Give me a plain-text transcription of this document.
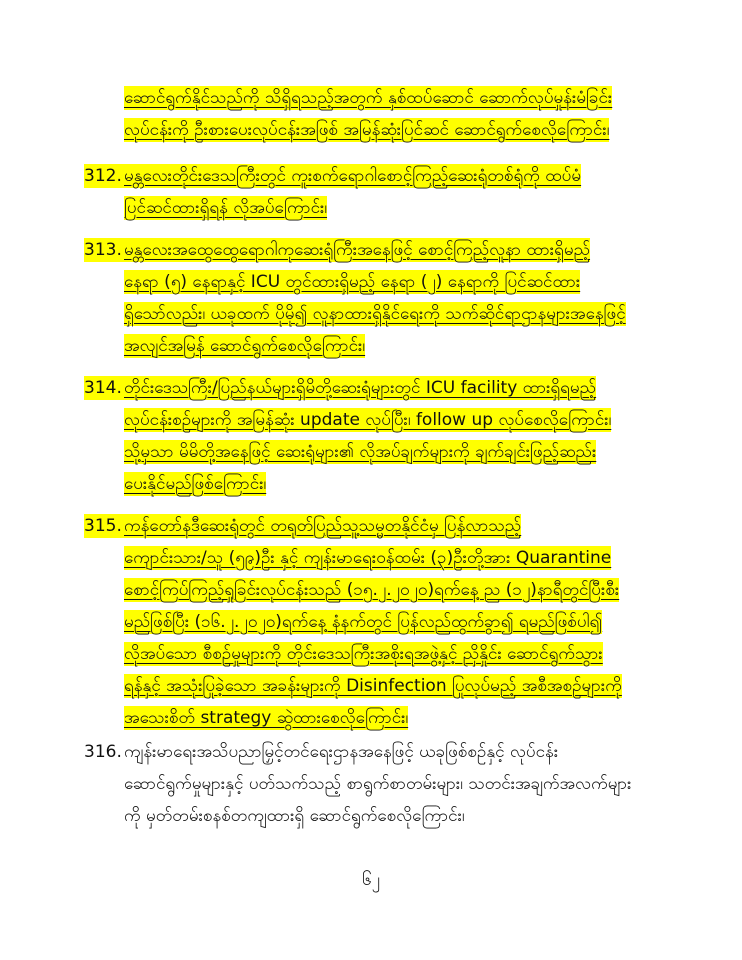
ဆောင်ရွက်နိုင်သည်ကို သိရှိရသည့်အတွက် နှစ်ထပ်ဆောင် ဆောက်လုပ်မှုန်းမံခြင်း
လုပ်ငန်းကို ဦးစားပေးလုပ်ငန်းအဖြစ် အမြန်ဆုံးပြင်ဆင် ဆောင်ရွက်စေလိုကြောင်း၊
312. မန္တလေးတိုင်းဒေသကြီးတွင် ကူးစက်ရောဂါစောင့်ကြည့်ဆေးရုံတစ်ရုံကို ထပ်မံ
ပြင်ဆင်ထားရှိရန် လိုအပ်ကြောင်း၊
313. မန္တလေးအထွေထွေရောဂါကုဆေးရုံကြီးအနေဖြင့် စောင့်ကြည့်လူနာ ထားရှိမည့်
နေရာ (၅) နေရာနှင့် ICU တွင်ထားရှိမည့် နေရာ (၂) နေရာကို ပြင်ဆင်ထား
ရှိသော်လည်း၊ ယခုထက် ပိုမို၍ လူနာထားရှိနိုင်ရေးကို သက်ဆိုင်ရာဌာနများအနေဖြင့်
အလျင်အမြန် ဆောင်ရွက်စေလိုကြောင်း၊
314. တိုင်းဒေသကြီး/ပြည်နယ်များရှိမိတို့ဆေးရုံများတွင် ICU facility ထားရှိရမည့်
လုပ်ငန်းစဉ်များကို အမြန်ဆုံး update လုပ်ပြီး၊ follow up လုပ်စေလိုကြောင်း၊
သို့မှသာ မိမိတို့အနေဖြင့် ဆေးရုံများ၏ လိုအပ်ချက်များကို ချက်ချင်းဖြည့်ဆည်း
ပေးနိုင်မည်ဖြစ်ကြောင်း၊
315. ကန်တော်နဒီဆေးရုံတွင် တရုတ်ပြည်သူ့သမ္မတနိုင်ငံမှ ပြန်လာသည့်
ကျောင်းသား/သူ (၅၉)ဦး နှင့် ကျန်းမာရေးဝန်ထမ်း (၃)ဦးတို့အား Quarantine
စောင့်ကြပ်ကြည့်ရှုခြင်းလုပ်ငန်းသည် (၁၅.၂.၂၀၂၀)ရက်နေ့ ည (၁၂)နာရီတွင်ပြီးစီး
မည်ဖြစ်ပြီး (၁၆.၂.၂၀၂၀)ရက်နေ့ နံနက်တွင် ပြန်လည်ထွက်ခွာ၍ ရမည်ဖြစ်ပါ၍
လိုအပ်သော စီစဉ်မှုများကို တိုင်းဒေသကြီးအစိုးရအဖွဲ့နှင့် ညှိနှိုင်း ဆောင်ရွက်သွား
ရန်နှင့် အသုံးပြုခဲ့သော အခန်းများကို Disinfection ပြုလုပ်မည့် အစီအစဉ်များကို
အသေးစိတ် strategy ဆွဲထားစေလိုကြောင်း၊
316. ကျန်းမာရေးအသိပညာမြှင့်တင်ရေးဌာနအနေဖြင့် ယခုဖြစ်စဉ်နှင့် လုပ်ငန်း
ဆောင်ရွက်မှုများနှင့် ပတ်သက်သည့် စာရွက်စာတမ်းများ၊ သတင်းအချက်အလက်များ
ကို မှတ်တမ်းစနစ်တကျထားရှိ ဆောင်ရွက်စေလိုကြောင်း၊
၆၂
